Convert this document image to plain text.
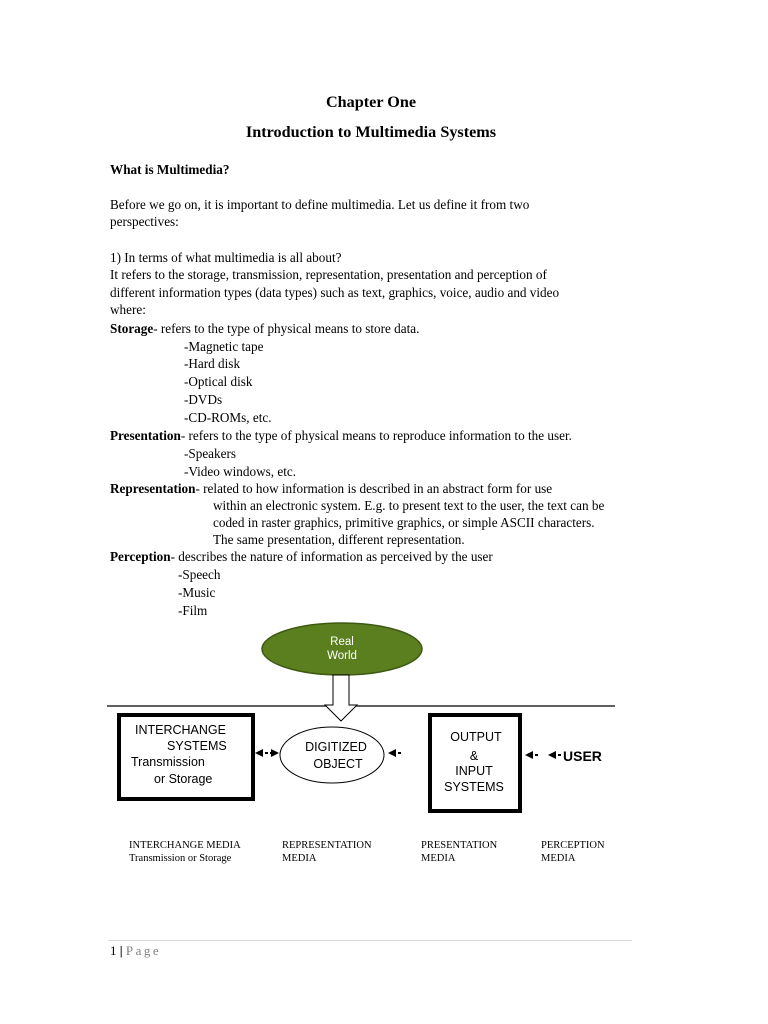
Chapter One
Introduction to Multimedia Systems
What is Multimedia?
Before we go on, it is important to define multimedia. Let us define it from two
perspectives:
1) In terms of what multimedia is all about?
It refers to the storage, transmission, representation, presentation and perception of
different information types (data types) such as text, graphics, voice, audio and video
where:
Storage- refers to the type of physical means to store data.
-Magnetic tape
-Hard disk
-Optical disk
-DVDs
-CD-ROMs, etc.
Presentation- refers to the type of physical means to reproduce information to the user.
-Speakers
-Video windows, etc.
Representation- related to how information is described in an abstract form for use
within an electronic system. E.g. to present text to the user, the text can be
coded in raster graphics, primitive graphics, or simple ASCII characters.
The same presentation, different representation.
Perception- describes the nature of information as perceived by the user
-Speech
-Music
-Film
Real
World
INTERCHANGE
SYSTEMS
Transmission
or Storage
DIGITIZED
OBJECT
OUTPUT
&
INPUT
SYSTEMS
USER
INTERCHANGE MEDIA
Transmission or Storage
REPRESENTATION
MEDIA
PRESENTATION
MEDIA
PERCEPTION
MEDIA
1 | Page
